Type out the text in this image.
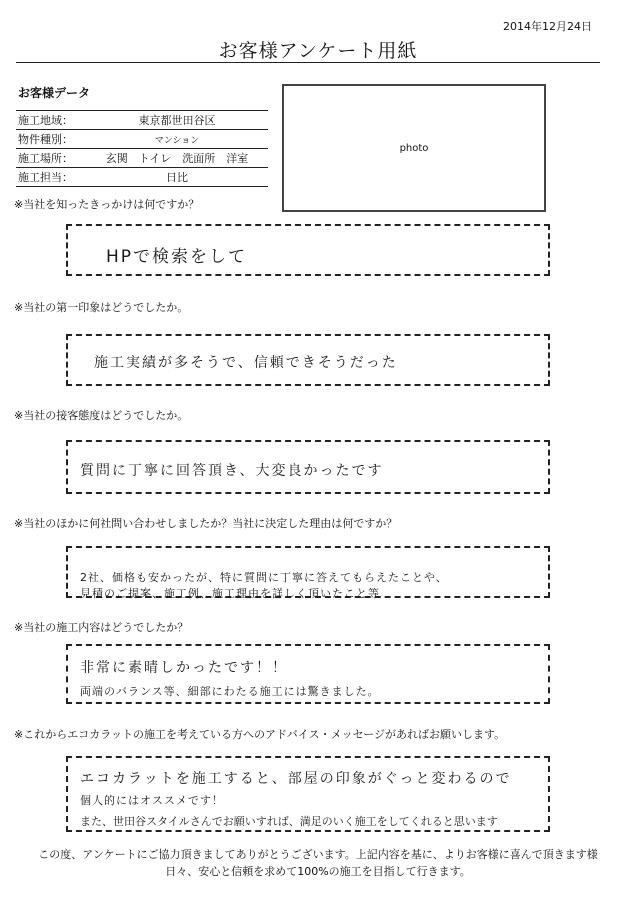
2014年12月24日
お客様アンケート用紙
お客様データ
施工地域：	東京都世田谷区
物件種別：	マンション
施工場所：	玄関　トイレ　洗面所　洋室
施工担当：	日比
photo
※当社を知ったきっかけは何ですか？
HPで検索をして
※当社の第一印象はどうでしたか。
施工実績が多そうで、信頼できそうだった
※当社の接客態度はどうでしたか。
質問に丁寧に回答頂き、大変良かったです
※当社のほかに何社問い合わせしましたか？当社に決定した理由は何ですか？
2社、価格も安かったが、特に質問に丁寧に答えてもらえたことや、
見積のご提案、施工例、施工理由を詳しく頂いたこと等
※当社の施工内容はどうでしたか？
非常に素晴しかったです！！
両端のバランス等、細部にわたる施工には驚きました。
※これからエコカラットの施工を考えている方へのアドバイス・メッセージがあればお願いします。
エコカラットを施工すると、部屋の印象がぐっと変わるので
個人的にはオススメです！
また、世田谷スタイルさんでお願いすれば、満足のいく施工をしてくれると思います
この度、アンケートにご協力頂きましてありがとうございます。上記内容を基に、よりお客様に喜んで頂きます様
日々、安心と信頼を求めて100%の施工を目指して行きます。
